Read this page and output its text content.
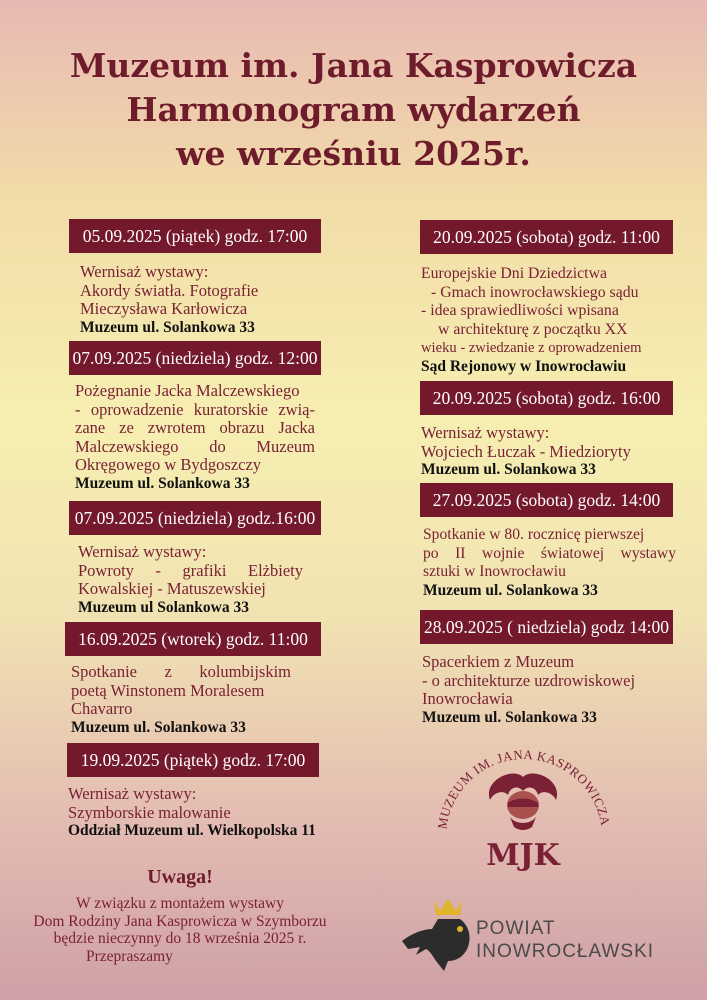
Muzeum im. Jana Kasprowicza
Harmonogram wydarzeń
we wrześniu 2025r.
05.09.2025 (piątek) godz. 17:00
Wernisaż wystawy:
Akordy światła. Fotografie
Mieczysława Karłowicza
Muzeum ul. Solankowa 33
07.09.2025 (niedziela) godz. 12:00
Pożegnanie Jacka Malczewskiego
- oprowadzenie kuratorskie zwią-
zane ze zwrotem obrazu Jacka
Malczewskiego do Muzeum
Okręgowego w Bydgoszczy
Muzeum ul. Solankowa 33
07.09.2025 (niedziela) godz.16:00
Wernisaż wystawy:
Powroty - grafiki Elżbiety
Kowalskiej - Matuszewskiej
Muzeum ul Solankowa 33
16.09.2025 (wtorek) godz. 11:00
Spotkanie z kolumbijskim
poetą Winstonem Moralesem
Chavarro
Muzeum ul. Solankowa 33
19.09.2025 (piątek) godz. 17:00
Wernisaż wystawy:
Szymborskie malowanie
Oddział Muzeum ul. Wielkopolska 11
20.09.2025 (sobota) godz. 11:00
Europejskie Dni Dziedzictwa
- Gmach inowrocławskiego sądu
- idea sprawiedliwości wpisana
w architekturę z początku XX
wieku - zwiedzanie z oprowadzeniem
Sąd Rejonowy w Inowrocławiu
20.09.2025 (sobota) godz. 16:00
Wernisaż wystawy:
Wojciech Łuczak - Miedzioryty
Muzeum ul. Solankowa 33
27.09.2025 (sobota) godz. 14:00
Spotkanie w 80. rocznicę pierwszej
po II wojnie światowej wystawy
sztuki w Inowrocławiu
Muzeum ul. Solankowa 33
28.09.2025 ( niedziela) godz 14:00
Spacerkiem z Muzeum
- o architekturze uzdrowiskowej
Inowrocławia
Muzeum ul. Solankowa 33
MUZEUM IM. JANA KASPROWICZA
MJK
Uwaga!
W związku z montażem wystawy
Dom Rodziny Jana Kasprowicza w Szymborzu
będzie nieczynny do 18 września 2025 r.
Przepraszamy
POWIAT
INOWROCŁAWSKI
